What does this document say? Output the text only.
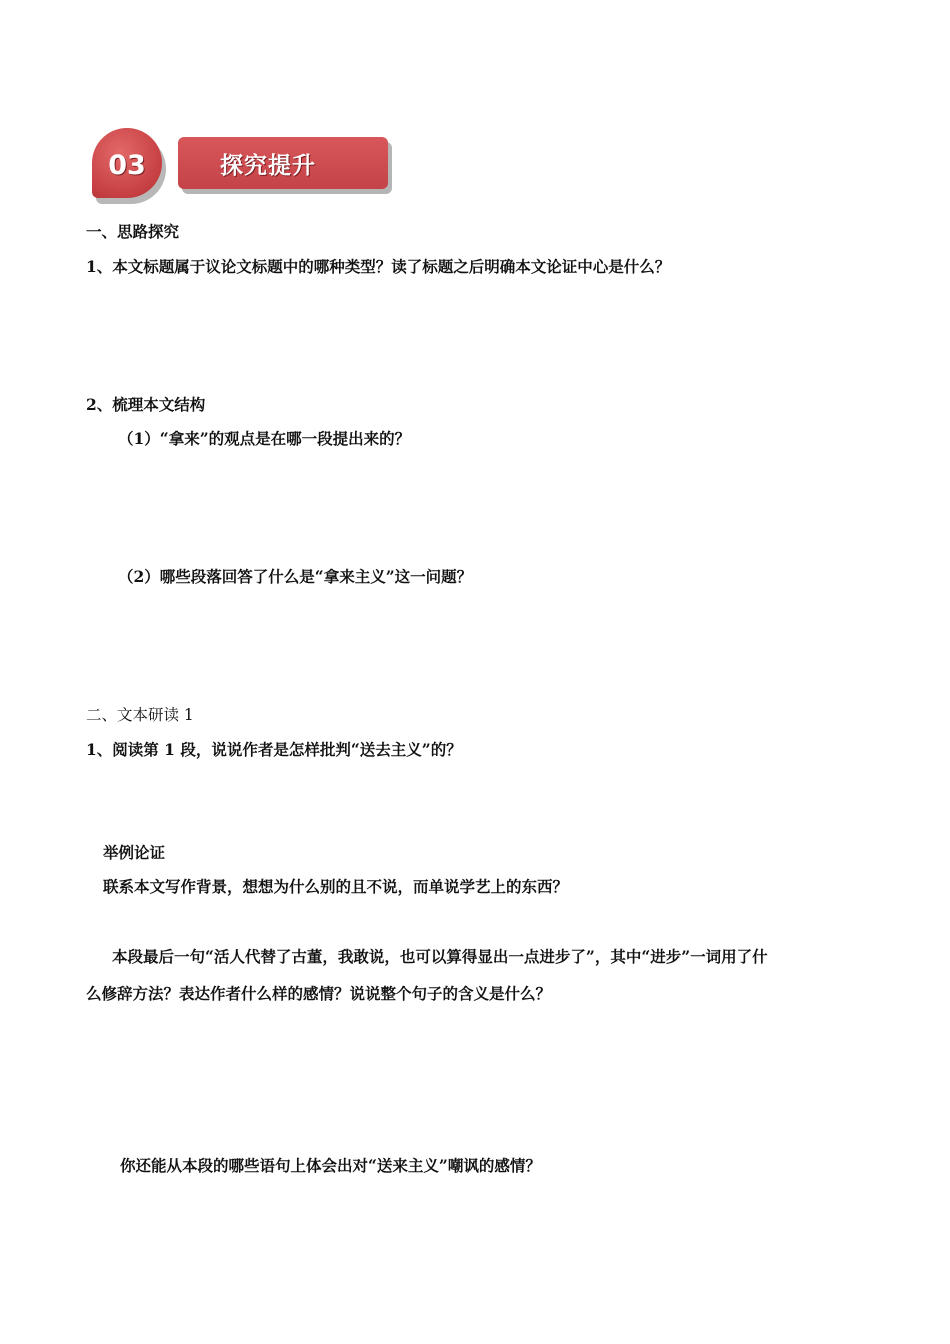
03	探究提升
一、思路探究
1、本文标题属于议论文标题中的哪种类型？读了标题之后明确本文论证中心是什么？
2、梳理本文结构
（1）“拿来”的观点是在哪一段提出来的？
（2）哪些段落回答了什么是“拿来主义”这一问题？
二、文本研读 1
1、阅读第 1 段，说说作者是怎样批判“送去主义”的？
举例论证
联系本文写作背景，想想为什么别的且不说，而单说学艺上的东西？
本段最后一句“活人代替了古董，我敢说，也可以算得显出一点进步了”，其中“进步”一词用了什
么修辞方法？表达作者什么样的感情？说说整个句子的含义是什么？
你还能从本段的哪些语句上体会出对“送来主义”嘲讽的感情？
